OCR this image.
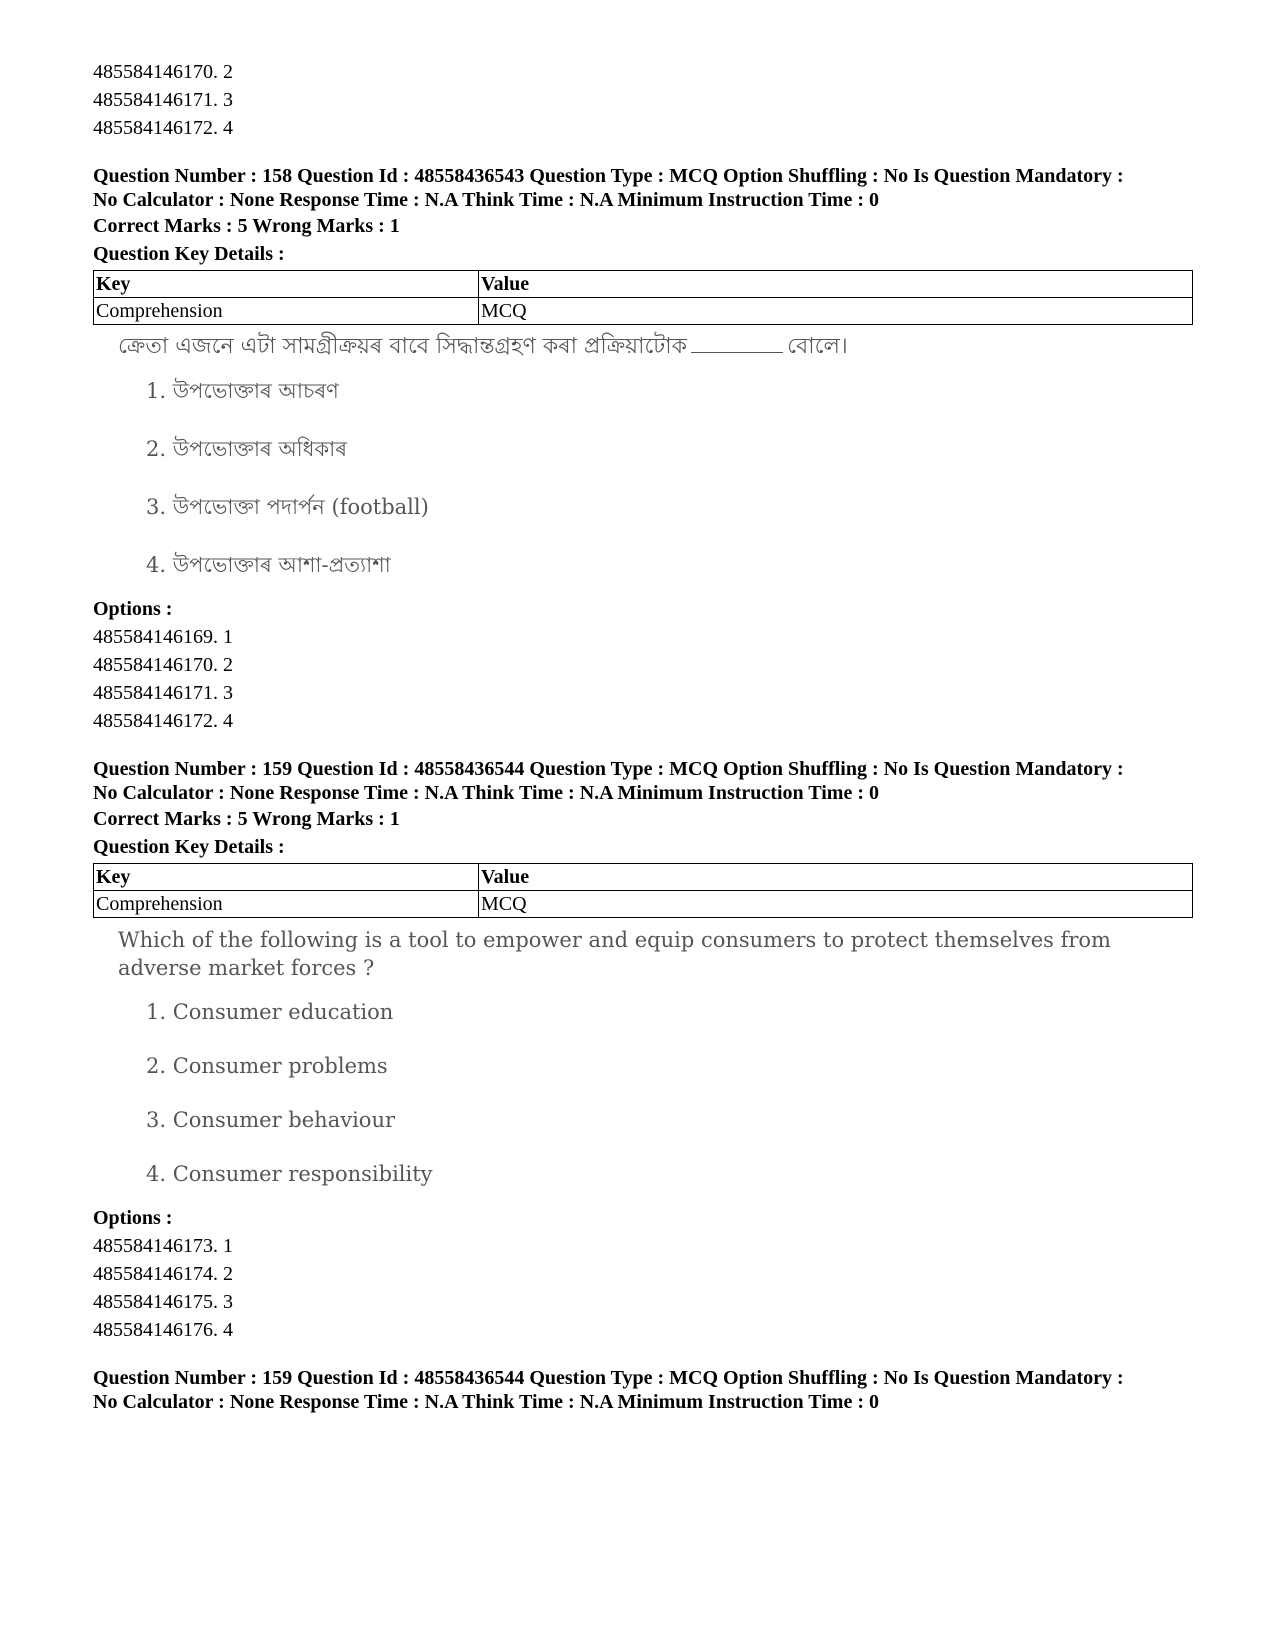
485584146170. 2
485584146171. 3
485584146172. 4
Question Number : 158 Question Id : 48558436543 Question Type : MCQ Option Shuffling : No Is Question Mandatory :
No Calculator : None Response Time : N.A Think Time : N.A Minimum Instruction Time : 0
Correct Marks : 5 Wrong Marks : 1
Question Key Details :
Key	Value
Comprehension	MCQ
ক্ৰেতা এজনে এটা সামগ্ৰীক্ৰয়ৰ বাবে সিদ্ধান্তগ্ৰহণ কৰা প্ৰক্ৰিয়াটোক	বোলে।
1. উপভোক্তাৰ আচৰণ
2. উপভোক্তাৰ অধিকাৰ
3. উপভোক্তা পদাৰ্পন (football)
4. উপভোক্তাৰ আশা-প্ৰত্যাশা
Options :
485584146169. 1
485584146170. 2
485584146171. 3
485584146172. 4
Question Number : 159 Question Id : 48558436544 Question Type : MCQ Option Shuffling : No Is Question Mandatory :
No Calculator : None Response Time : N.A Think Time : N.A Minimum Instruction Time : 0
Correct Marks : 5 Wrong Marks : 1
Question Key Details :
Key	Value
Comprehension	MCQ
Which of the following is a tool to empower and equip consumers to protect themselves from adverse market forces ?
1. Consumer education
2. Consumer problems
3. Consumer behaviour
4. Consumer responsibility
Options :
485584146173. 1
485584146174. 2
485584146175. 3
485584146176. 4
Question Number : 159 Question Id : 48558436544 Question Type : MCQ Option Shuffling : No Is Question Mandatory :
No Calculator : None Response Time : N.A Think Time : N.A Minimum Instruction Time : 0
